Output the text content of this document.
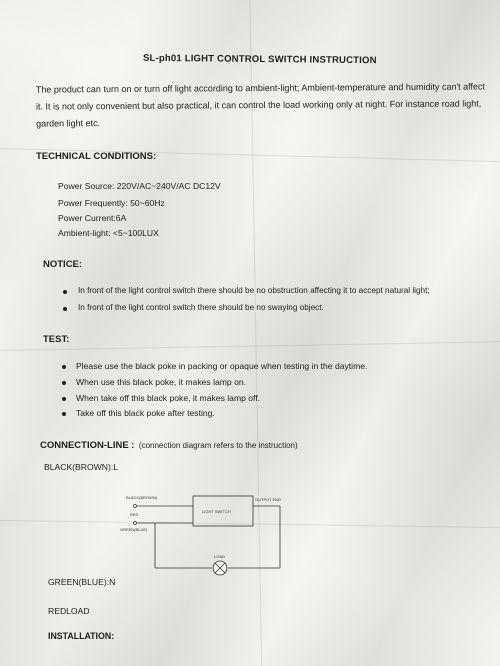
SL-ph01 LIGHT CONTROL SWITCH INSTRUCTION
The product can turn on or turn off light according to ambient-light; Ambient-temperature and humidity can't affect it. It is not only convenient but also practical, it can control the load working only at night. For instance road light, garden light etc.
TECHNICAL CONDITIONS:
Power Source: 220V/AC~240V/AC DC12V
Power Frequently: 50~60Hz
Power Current:6A
Ambient-light: <5~100LUX
NOTICE:
In front of the light control switch there should be no obstruction affecting it to accept natural light;
In front of the light control switch there should be no swaying object.
TEST:
Please use the black poke in packing or opaque when testing in the daytime.
When use this black poke, it makes lamp on.
When take off this black poke, it makes lamp off.
Take off this black poke after testing.
CONNECTION-LINE : (connection diagram refers to the instruction)
BLACK(BROWN):L
BLACK(BROWN)
RED
GREEN(BLUE)
LIGHT SWITCH
OUTPUT END
LOAD
GREEN(BLUE):N
REDLOAD
INSTALLATION:
